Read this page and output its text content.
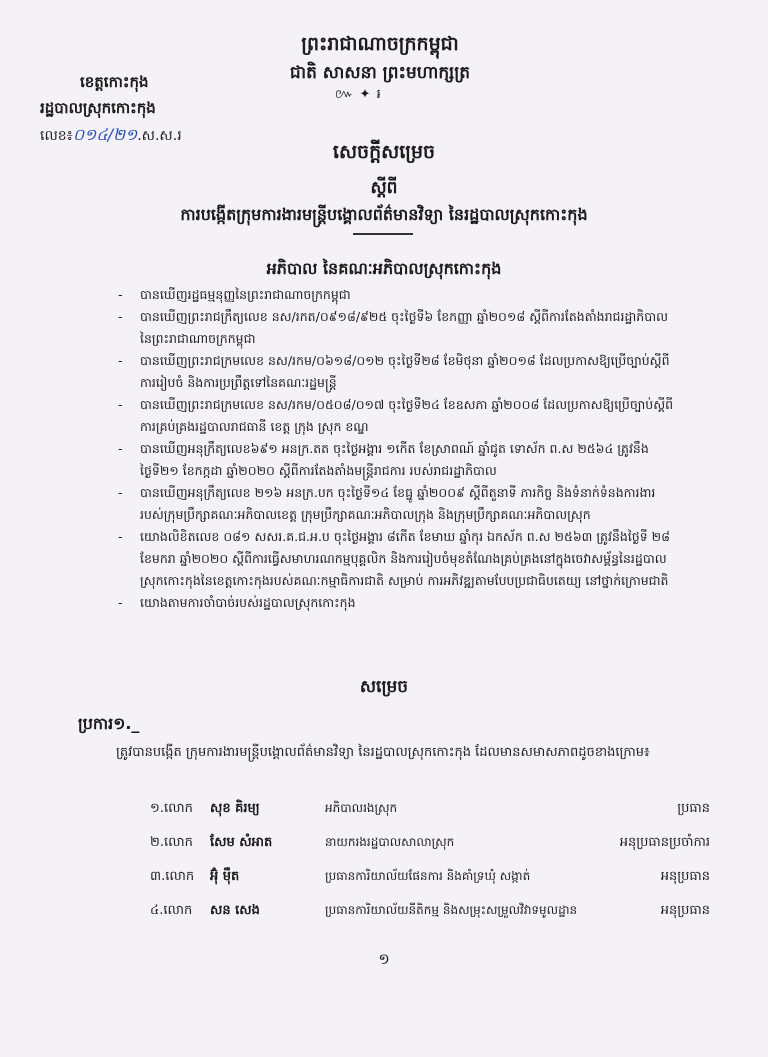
ព្រះរាជាណាចក្រកម្ពុជា
ជាតិ សាសនា ព្រះមហាក្សត្រ
៚ ✦ ៛
ខេត្តកោះកុង
រដ្ឋបាលស្រុកកោះកុង
លេខ៖០១៤/២១.ស.ស.រ
សេចក្តីសម្រេច
ស្តីពី
ការបង្កើតក្រុមការងារមន្ត្រីបង្គោលព័ត៌មានវិទ្យា នៃរដ្ឋបាលស្រុកកោះកុង
អភិបាល នៃគណៈអភិបាលស្រុកកោះកុង
- បានឃើញរដ្ឋធម្មនុញ្ញនៃព្រះរាជាណាចក្រកម្ពុជា
- បានឃើញព្រះរាជក្រឹត្យលេខ នស/រកត/០៩១៨/៩២៥ ចុះថ្ងៃទី៦ ខែកញ្ញា ឆ្នាំ២០១៨ ស្តីពីការតែងតាំងរាជរដ្ឋាភិបាលនៃព្រះរាជាណាចក្រកម្ពុជា
- បានឃើញព្រះរាជក្រមលេខ នស/រកម/០៦១៨/០១២ ចុះថ្ងៃទី២៨ ខែមិថុនា ឆ្នាំ២០១៨ ដែលប្រកាសឱ្យប្រើច្បាប់ស្តីពីការរៀបចំ និងការប្រព្រឹត្តទៅនៃគណៈរដ្ឋមន្ត្រី
- បានឃើញព្រះរាជក្រមលេខ នស/រកម/០៥០៨/០១៧ ចុះថ្ងៃទី២៤ ខែឧសភា ឆ្នាំ២០០៨ ដែលប្រកាសឱ្យប្រើច្បាប់ស្តីពីការគ្រប់គ្រងរដ្ឋបាលរាជធានី ខេត្ត ក្រុង ស្រុក ខណ្ឌ
- បានឃើញអនុក្រឹត្យលេខ៦៩១ អនក្រ.តត ចុះថ្ងៃអង្គារ ១កើត ខែស្រាពណ៍ ឆ្នាំជូត ទោស័ក ព.ស ២៥៦៤ ត្រូវនឹងថ្ងៃទី២១ ខែកក្កដា ឆ្នាំ២០២០ ស្តីពីការតែងតាំងមន្ត្រីរាជការ របស់រាជរដ្ឋាភិបាល
- បានឃើញអនុក្រឹត្យលេខ ២១៦ អនក្រ.បក ចុះថ្ងៃទី១៤ ខែធ្នូ ឆ្នាំ២០០៩ ស្តីពីតួនាទី ភារកិច្ច និងទំនាក់ទំនងការងាររបស់ក្រុមប្រឹក្សាគណៈអភិបាលខេត្ត ក្រុមប្រឹក្សាគណៈអភិបាលក្រុង និងក្រុមប្រឹក្សាគណៈអភិបាលស្រុក
- យោងលិខិតលេខ ០៨១ សសរ.គ.ជ.អ.ប ចុះថ្ងៃអង្គារ ៨កើត ខែមាឃ ឆ្នាំកុរ ឯកស័ក ព.ស ២៥៦៣ ត្រូវនឹងថ្ងៃទី ២៨ ខែមករា ឆ្នាំ២០២០ ស្តីពីការធ្វើសមាហរណកម្មបុគ្គលិក និងការរៀបចំមុខតំណែងគ្រប់គ្រងនៅក្នុងចេវាសម្ព័ន្ធនៃរដ្ឋបាលស្រុកកោះកុងនៃខេត្តកោះកុងរបស់គណៈកម្មាធិការជាតិ សម្រាប់ ការអភិវឌ្ឍតាមបែបប្រជាធិបតេយ្យ នៅថ្នាក់ក្រោមជាតិ
- យោងតាមការចាំបាច់របស់រដ្ឋបាលស្រុកកោះកុង
សម្រេច
ប្រការ១._
ត្រូវបានបង្កើត ក្រុមការងារមន្ត្រីបង្គោលព័ត៌មានវិទ្យា នៃរដ្ឋបាលស្រុកកោះកុង ដែលមានសមាសភាពដូចខាងក្រោម៖
១.លោក សុខ គិរម្យ	អភិបាលរងស្រុក	ប្រធាន
២.លោក សែម សំអាត	នាយករងរដ្ឋបាលសាលាស្រុក	អនុប្រធានប្រចាំការ
៣.លោក អ៊ុំ ម៉ឺត	ប្រធានការិយាល័យផែនការ និងគាំទ្រឃុំ សង្កាត់	អនុប្រធាន
៤.លោក សន សេង	ប្រធានការិយាល័យនីតិកម្ម និងសម្រុះសម្រួលវិវាទមូលដ្ឋាន	អនុប្រធាន
១
